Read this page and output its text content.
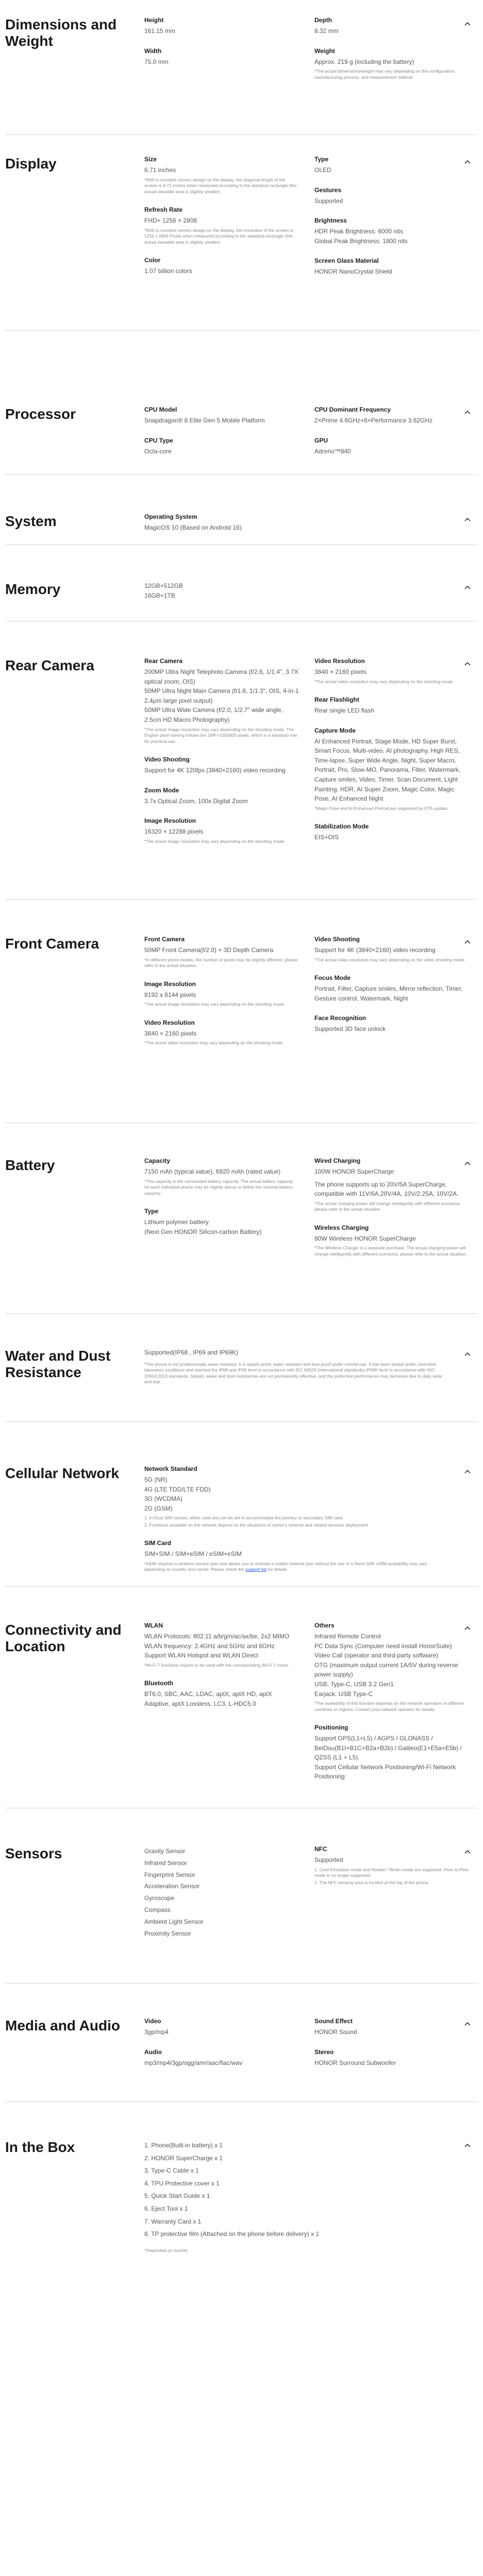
Dimensions and Weight
Height
161.15 mm
Width
75.0 mm
Depth
8.32 mm
Weight
Approx. 219 g (including the battery)
*The actual dimensions/weight may vary depending on the configuration, manufacturing process, and measurement method.
Display	Size
6.71 inches
*With a rounded corners design on the display, the diagonal length of the screen is 6.71 inches when measured according to the standard rectangle (the actual viewable area is slightly smaller).
Refresh Rate
FHD+ 1256 × 2808
*With a rounded corners design on the display, the resolution of the screen is 1256 x 2808 Pixels when measured according to the standard rectangle (the actual viewable area is slightly smaller).
Color
1.07 billion colors
Type
OLED
Gestures
Supported
Brightness

HDR Peak Brightness: 6000 nits

Global Peak Brightness: 1800 nits

Screen Glass Material
HONOR NanoCrystal Shield
Processor	CPU Model
Snapdragon® 8 Elite Gen 5 Mobile Platform
CPU Type
Octa-core
CPU Dominant Frequency
2×Prime 4.6GHz+6×Performance 3.62GHz
GPU
Adreno™840
System	Operating System
MagicOS 10 (Based on Android 16)
Memory	12GB+512GB

16GB+1TB

Rear Camera	Rear Camera

200MP Ultra Night Telephoto Camera (f/2.6, 1/1.4", 3.7X optical zoom, OIS)

50MP Ultra Night Main Camera (f/1.6, 1/1.3", OIS, 4-in-1 2.4μm large pixel output)

50MP Ultra Wide Camera (f/2.0, 1/2.7" wide angle, 2.5cm HD Macro Photography)

*The actual image resolution may vary depending on the shooting mode. The English pixel naming follows the 1MP=1000000 pixels, which is a standard rule for practical use.
Video Shooting
Support for 4K 120fps (3840×2160) video recording
Zoom Mode
3.7x Optical Zoom, 100x Digital Zoom
Image Resolution
16320 × 12288 pixels
*The actual image resolution may vary depending on the shooting mode.
Video Resolution
3840 × 2160 pixels
*The actual video resolution may vary depending on the shooting mode.
Rear Flashlight
Rear single LED flash
Capture Mode
AI Enhanced Portrait, Stage Mode, HD Super Burst, Smart Focus, Multi-video, AI photography, High RES, Time-lapse, Super Wide Angle, Night, Super Macro, Portrait, Pro, Slow-MO, Panorama, Filter, Watermark, Capture smiles, Video, Timer, Scan Document, Light Painting, HDR, AI Super Zoom, Magic Color, Magic Pose, AI Enhanced Night
*Magic Pose and AI Enhanced Portrait are supported by OTA update.
Stabilization Mode
EIS+OIS
Front Camera	Front Camera
50MP Front Camera(f/2.0) + 3D Depth Camera
*In different photo modes, the number of pixels may be slightly different, please refer to the actual situation.
Image Resolution
8192 x 6144 pixels
*The actual image resolution may vary depending on the shooting mode.
Video Resolution
3840 × 2160 pixels
*The actual video resolution may vary depending on the shooting mode.
Video Shooting
Support for 4K (3840×2160) video recording
*The actual video resolution may vary depending on the video shooting mode.
Focus Mode
Portrait, Filter, Capture smiles, Mirror reflection, Timer, Gesture control, Watermark, Night
Face Recognition
Supported 3D face unlock
Battery	Capacity
7150 mAh (typical value), 6920 mAh (rated value)
*This capacity is the surrounded battery capacity. The actual battery capacity for each individual phone may be slightly above or below the nominal battery capacity.
Type

Lithium polymer battery

(Next Gen HONOR Silicon-carbon Battery)

Wired Charging

100W HONOR SuperCharge

The phone supports up to 20V/5A SuperCharge, compatible with 11V/6A,20V/4A, 10V/2.25A, 10V/2A.

*The actual charging power will change intelligently with different scenarios, please refer to the actual situation.
Wireless Charging
80W Wireless HONOR SuperCharge
*The Wireless Charger is a separate purchase. The actual charging power will change intelligently with different scenarios, please refer to the actual situation.
Water and Dust Resistance
Supported(IP68 , IP69 and IP69K)
*The phone is not professionally water resistant. It is splash proof, water resistant and dust proof under normal use. It has been tested under controlled laboratory conditions and reached the IP68 and IP69 level in accordance with IEC 60529 (international standards).IP69K level in accordance with ISO 20653:2013 standards. Splash, water and dust resistances are not permanently effective, and the protective performance may decrease due to daily wear and tear.
Cellular Network	Network Standard

5G (NR)

4G (LTE TDD/LTE FDD)

3G (WCDMA)

2G (GSM)

1. In Dual SIM version, either card slot can be set to accommodate the primary or secondary SIM card.

2. Functions available on the network depend on the situations of carrier's network and related services deployment.

SIM Card
SIM+SIM / SIM+eSIM / eSIM+eSIM
*eSIM requires a wireless service plan and allows you to activate a mobile network plan without the use of a Nano-SIM. eSIM availability may vary depending on country and carrier. Please check the support list for details.
Connectivity and Location
WLAN

WLAN Protocols: 802.11 a/b/g/n/ac/ax/be, 2x2 MIMO

WLAN frequency: 2.4GHz and 5GHz and 6GHz

Support WLAN Hotspot and WLAN Direct

*Wi-Fi 7 functions require to be used with the corresponding Wi-Fi 7 router.
Bluetooth
BT6.0, SBC, AAC, LDAC, aptX, aptX HD, aptX Adaptive, aptX Lossless, LC3, L-HDC5.0
Others

Infrared Remote Control

PC Data Sync (Computer need install HonorSuite)

Video Call (operator and third-party software)

OTG (maximum output current 1A/5V during reverse power supply)

USB: Type-C, USB 3.2 Gen1

Earjack: USB Type-C

*The availability of this function depends on the network operators in different countries or regions. Contact your network operator for details.
Positioning

Support GPS(L1+L5) / AGPS / GLONASS / BeiDou(B1I+B1C+B2a+B2b) / Galileo(E1+E5a+E5b) / QZSS (L1 + L5)

Support Cellular Network Positioning/Wi-Fi Network Positioning

Sensors	Gravity Sensor

Infrared Sensor

Fingerprint Sensor

Acceleration Sensor

Gyroscope

Compass

Ambient Light Sensor

Proximity Sensor

NFC
Supported

1. Card Emulation mode and Reader / Writer mode are supported. Peer-to-Peer mode is no longer supported.

2. The NFC sensing area is located at the top of the phone.

Media and Audio	Video
3gp/mp4
Audio
mp3/mp4/3gp/ogg/amr/aac/flac/wav
Sound Effect
HONOR Sound
Stereo
HONOR Surround Subwoofer
In the Box	1. Phone(Built-in battery) x 1

2. HONOR SuperCharge x 1

3. Type-C Cable x 1

4. TPU Protective cover x 1

5. Quick Start Guide x 1

6. Eject Tool x 1

7. Warranty Card x 1

8. TP protective film (Attached on the phone before delivery) x 1

*Depended on market.
